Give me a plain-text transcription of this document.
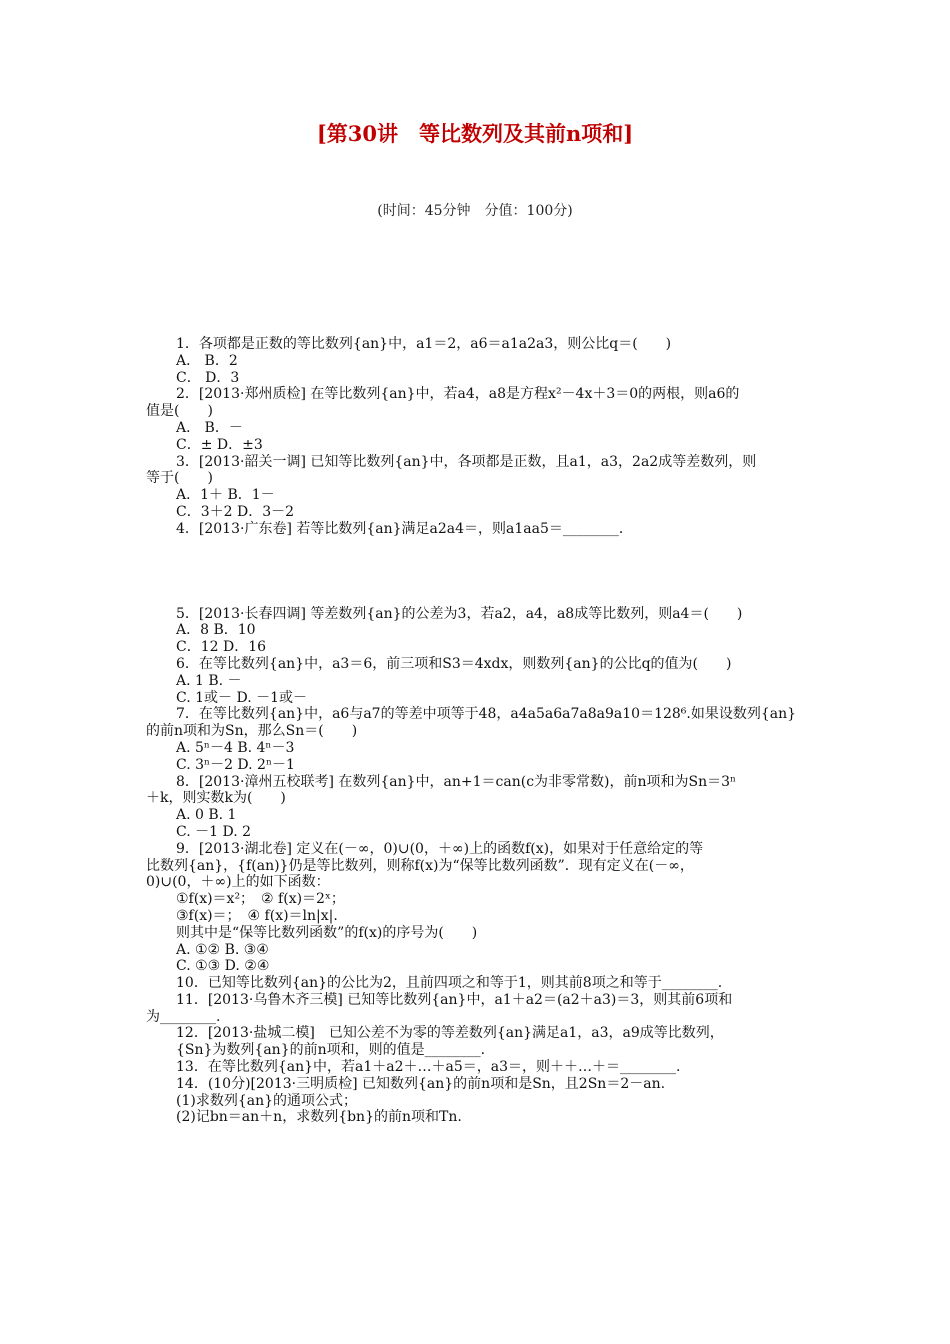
[第30讲　等比数列及其前n项和]
(时间：45分钟　分值：100分)
1．各项都是正数的等比数列{an}中，a1＝2，a6＝a1a2a3，则公比q＝(　　)
A． B．2
C． D．3
2．[2013·郑州质检] 在等比数列{an}中，若a4，a8是方程x²－4x＋3＝0的两根，则a6的
值是(　　)
A． B．－
C．± D．±3
3．[2013·韶关一调] 已知等比数列{an}中，各项都是正数，且a1，a3，2a2成等差数列，则
等于(　　)
A．1＋ B．1－
C．3＋2 D．3－2
4．[2013·广东卷] 若等比数列{an}满足a2a4＝，则a1aa5＝________．
5．[2013·长春四调] 等差数列{an}的公差为3，若a2，a4，a8成等比数列，则a4＝(　　)
A．8 B．10
C．12 D．16
6．在等比数列{an}中，a3＝6，前三项和S3＝4xdx，则数列{an}的公比q的值为(　　)
A. 1 B. －
C. 1或－ D. －1或－
7．在等比数列{an}中，a6与a7的等差中项等于48，a4a5a6a7a8a9a10＝128⁶.如果设数列{an}
的前n项和为Sn，那么Sn＝(　　)
A. 5ⁿ－4 B. 4ⁿ－3
C. 3ⁿ－2 D. 2ⁿ－1
8．[2013·漳州五校联考] 在数列{an}中，an+1＝can(c为非零常数)，前n项和为Sn＝3ⁿ
＋k，则实数k为(　　)
A. 0 B. 1
C. －1 D. 2
9．[2013·湖北卷] 定义在(－∞，0)∪(0，＋∞)上的函数f(x)，如果对于任意给定的等
比数列{an}，{f(an)}仍是等比数列，则称f(x)为“保等比数列函数”．现有定义在(－∞，
0)∪(0，＋∞)上的如下函数：
①f(x)＝x²；　② f(x)＝2ˣ；
③f(x)＝；　④ f(x)＝ln|x|.
则其中是“保等比数列函数”的f(x)的序号为(　　)
A. ①② B. ③④
C. ①③ D. ②④
10．已知等比数列{an}的公比为2，且前四项之和等于1，则其前8项之和等于________.
11．[2013·乌鲁木齐三模] 已知等比数列{an}中，a1＋a2＝(a2＋a3)＝3，则其前6项和
为________.
12．[2013·盐城二模]　已知公差不为零的等差数列{an}满足a1，a3，a9成等比数列，
{Sn}为数列{an}的前n项和，则的值是________.
13．在等比数列{an}中，若a1＋a2＋…＋a5＝，a3＝，则＋＋…＋＝________.
14．(10分)[2013·三明质检] 已知数列{an}的前n项和是Sn，且2Sn＝2－an.
(1)求数列{an}的通项公式；
(2)记bn＝an＋n，求数列{bn}的前n项和Tn.
